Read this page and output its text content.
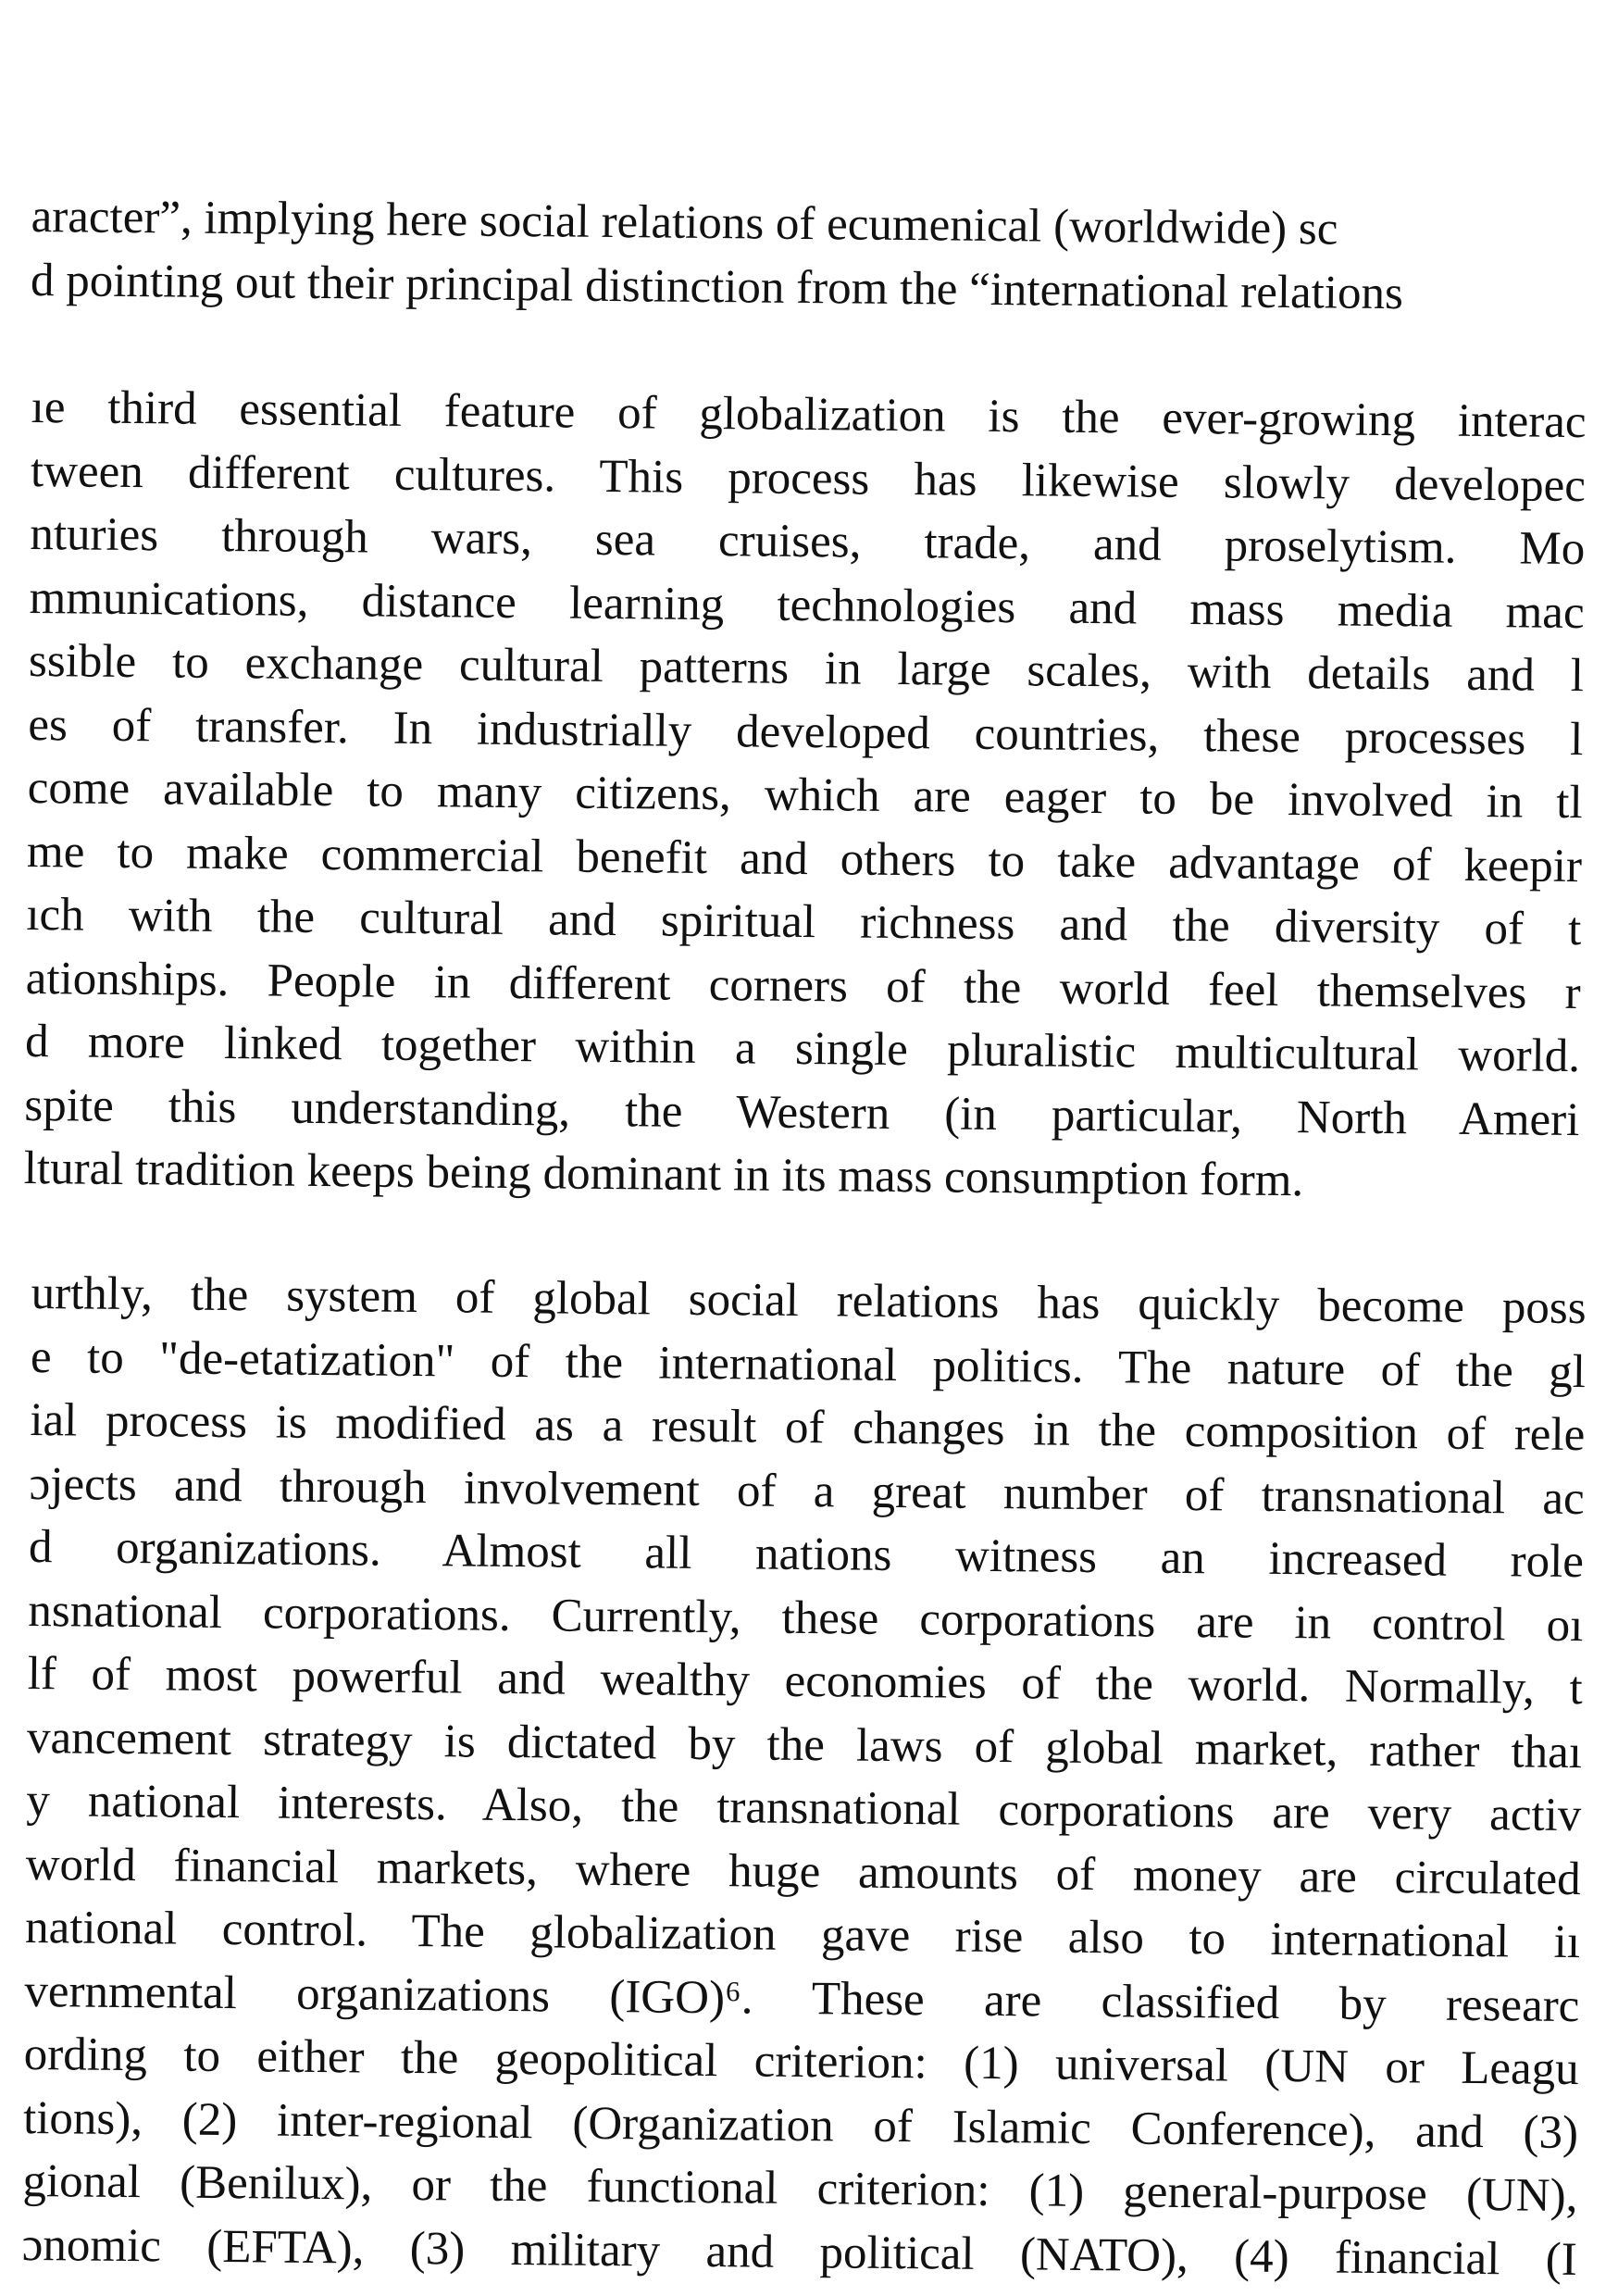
aracter”, implying here social relations of ecumenical (worldwide) sc
d pointing out their principal distinction from the “international relations
ıe third essential feature of globalization is the ever-growing interac
tween different cultures. This process has likewise slowly developec
nturies through wars, sea cruises, trade, and proselytism. Mo
mmunications, distance learning technologies and mass media mac
ssible to exchange cultural patterns in large scales, with details and l
es of transfer. In industrially developed countries, these processes l
come available to many citizens, which are eager to be involved in tl
me to make commercial benefit and others to take advantage of keepir
ıch with the cultural and spiritual richness and the diversity of t
ationships. People in different corners of the world feel themselves r
d more linked together within a single pluralistic multicultural world.
spite this understanding, the Western (in particular, North Ameri
ltural tradition keeps being dominant in its mass consumption form.
urthly, the system of global social relations has quickly become poss
e to "de-etatization" of the international politics. The nature of the gl
ial process is modified as a result of changes in the composition of rele
ɔjects and through involvement of a great number of transnational ac
d organizations. Almost all nations witness an increased role
nsnational corporations. Currently, these corporations are in control oı
lf of most powerful and wealthy economies of the world. Normally, t
vancement strategy is dictated by the laws of global market, rather thaı
y national interests. Also, the transnational corporations are very activ
world financial markets, where huge amounts of money are circulated
national control. The globalization gave rise also to international iı
vernmental organizations (IGO)⁶. These are classified by researc
ording to either the geopolitical criterion: (1) universal (UN or Leagu
tions), (2) inter-regional (Organization of Islamic Conference), and (3)
gional (Benilux), or the functional criterion: (1) general-purpose (UN),
ɔnomic (EFTA), (3) military and political (NATO), (4) financial (I
